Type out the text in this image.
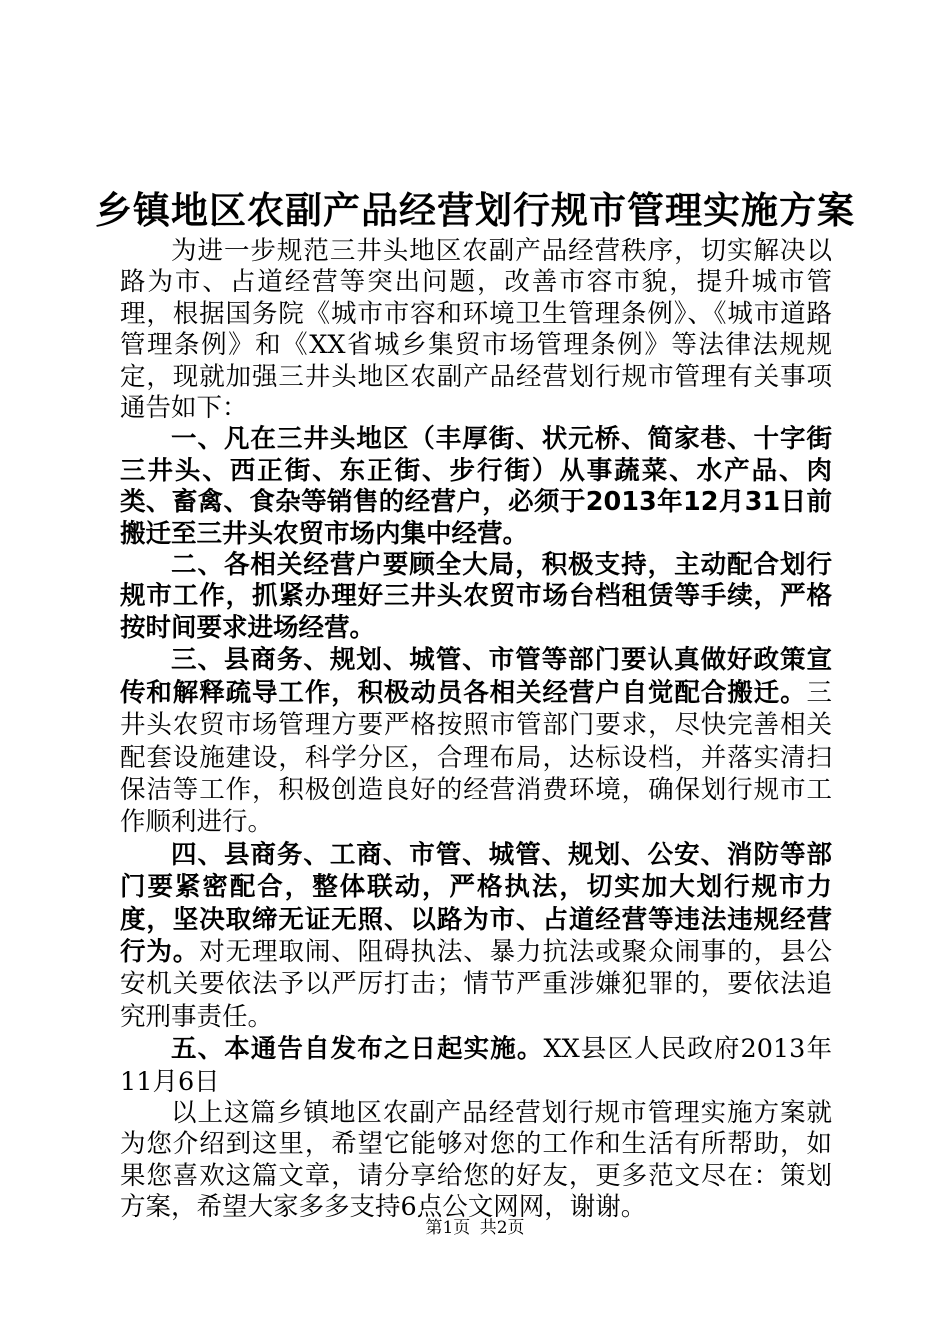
乡镇地区农副产品经营划行规市管理实施方案

为进一步规范三井头地区农副产品经营秩序，切实解决以路为市、占道经营等突出问题，改善市容市貌，提升城市管理，根据国务院《城市市容和环境卫生管理条例》、《城市道路管理条例》和《XX省城乡集贸市场管理条例》等法律法规规定，现就加强三井头地区农副产品经营划行规市管理有关事项通告如下：

一、凡在三井头地区（丰厚街、状元桥、简家巷、十字街三井头、西正街、东正街、步行街）从事蔬菜、水产品、肉类、畜禽、食杂等销售的经营户，必须于2013年12月31日前搬迁至三井头农贸市场内集中经营。

二、各相关经营户要顾全大局，积极支持，主动配合划行规市工作，抓紧办理好三井头农贸市场台档租赁等手续，严格按时间要求进场经营。

三、县商务、规划、城管、市管等部门要认真做好政策宣传和解释疏导工作，积极动员各相关经营户自觉配合搬迁。三井头农贸市场管理方要严格按照市管部门要求，尽快完善相关配套设施建设，科学分区，合理布局，达标设档，并落实清扫保洁等工作，积极创造良好的经营消费环境，确保划行规市工作顺利进行。

四、县商务、工商、市管、城管、规划、公安、消防等部门要紧密配合，整体联动，严格执法，切实加大划行规市力度，坚决取缔无证无照、以路为市、占道经营等违法违规经营行为。对无理取闹、阻碍执法、暴力抗法或聚众闹事的，县公安机关要依法予以严厉打击；情节严重涉嫌犯罪的，要依法追究刑事责任。

五、本通告自发布之日起实施。XX县区人民政府2013年11月6日

以上这篇乡镇地区农副产品经营划行规市管理实施方案就为您介绍到这里，希望它能够对您的工作和生活有所帮助，如果您喜欢这篇文章，请分享给您的好友，更多范文尽在：策划方案，希望大家多多支持6点公文网网，谢谢。

第1页 共2页
